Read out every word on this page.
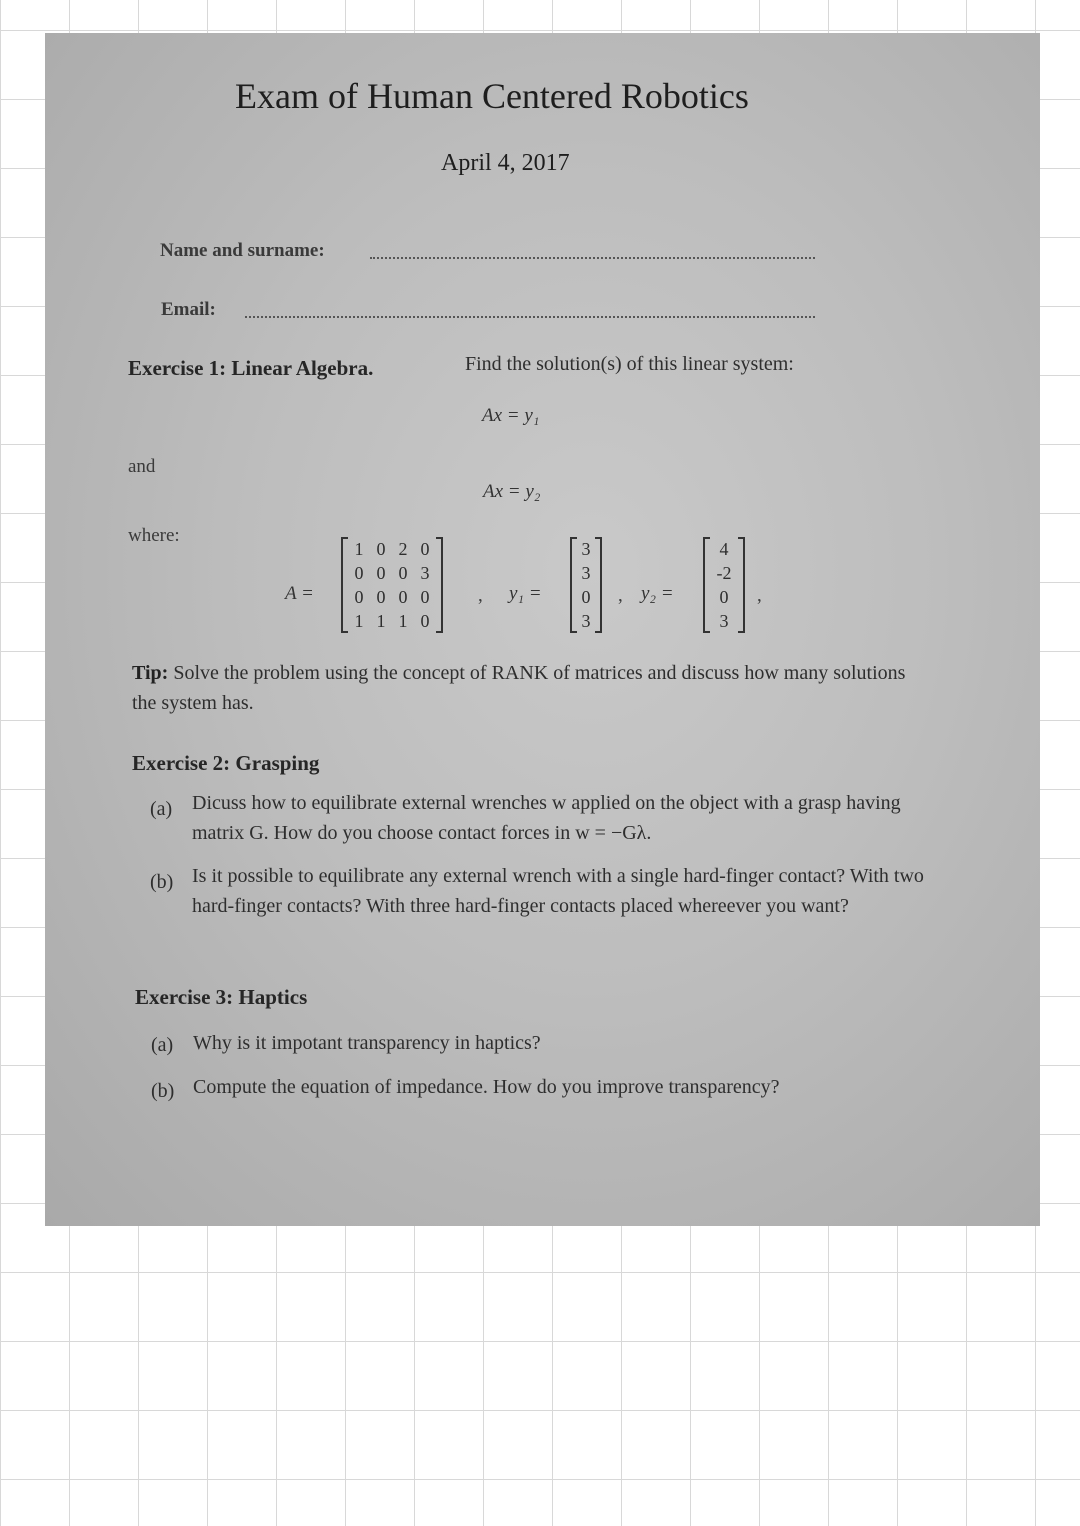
Exam of Human Centered Robotics
April 4, 2017
Name and surname:
Email:
Exercise 1: Linear Algebra.	Find the solution(s) of this linear system:
Ax = y₁
and
Ax = y₂
where:
A =
1 0 2 0
0 0 0 3
0 0 0 0
1 1 1 0
, y₁ =
3
3
0
3
, y₂ =
4
-2
0
3
,
Tip: Solve the problem using the concept of RANK of matrices and discuss how many solutions the system has.
Exercise 2: Grasping
(a) Dicuss how to equilibrate external wrenches w applied on the object with a grasp having matrix G. How do you choose contact forces in w = −Gλ.
(b) Is it possible to equilibrate any external wrench with a single hard-finger contact? With two hard-finger contacts? With three hard-finger contacts placed whereever you want?
Exercise 3: Haptics
(a) Why is it impotant transparency in haptics?
(b) Compute the equation of impedance. How do you improve transparency?
